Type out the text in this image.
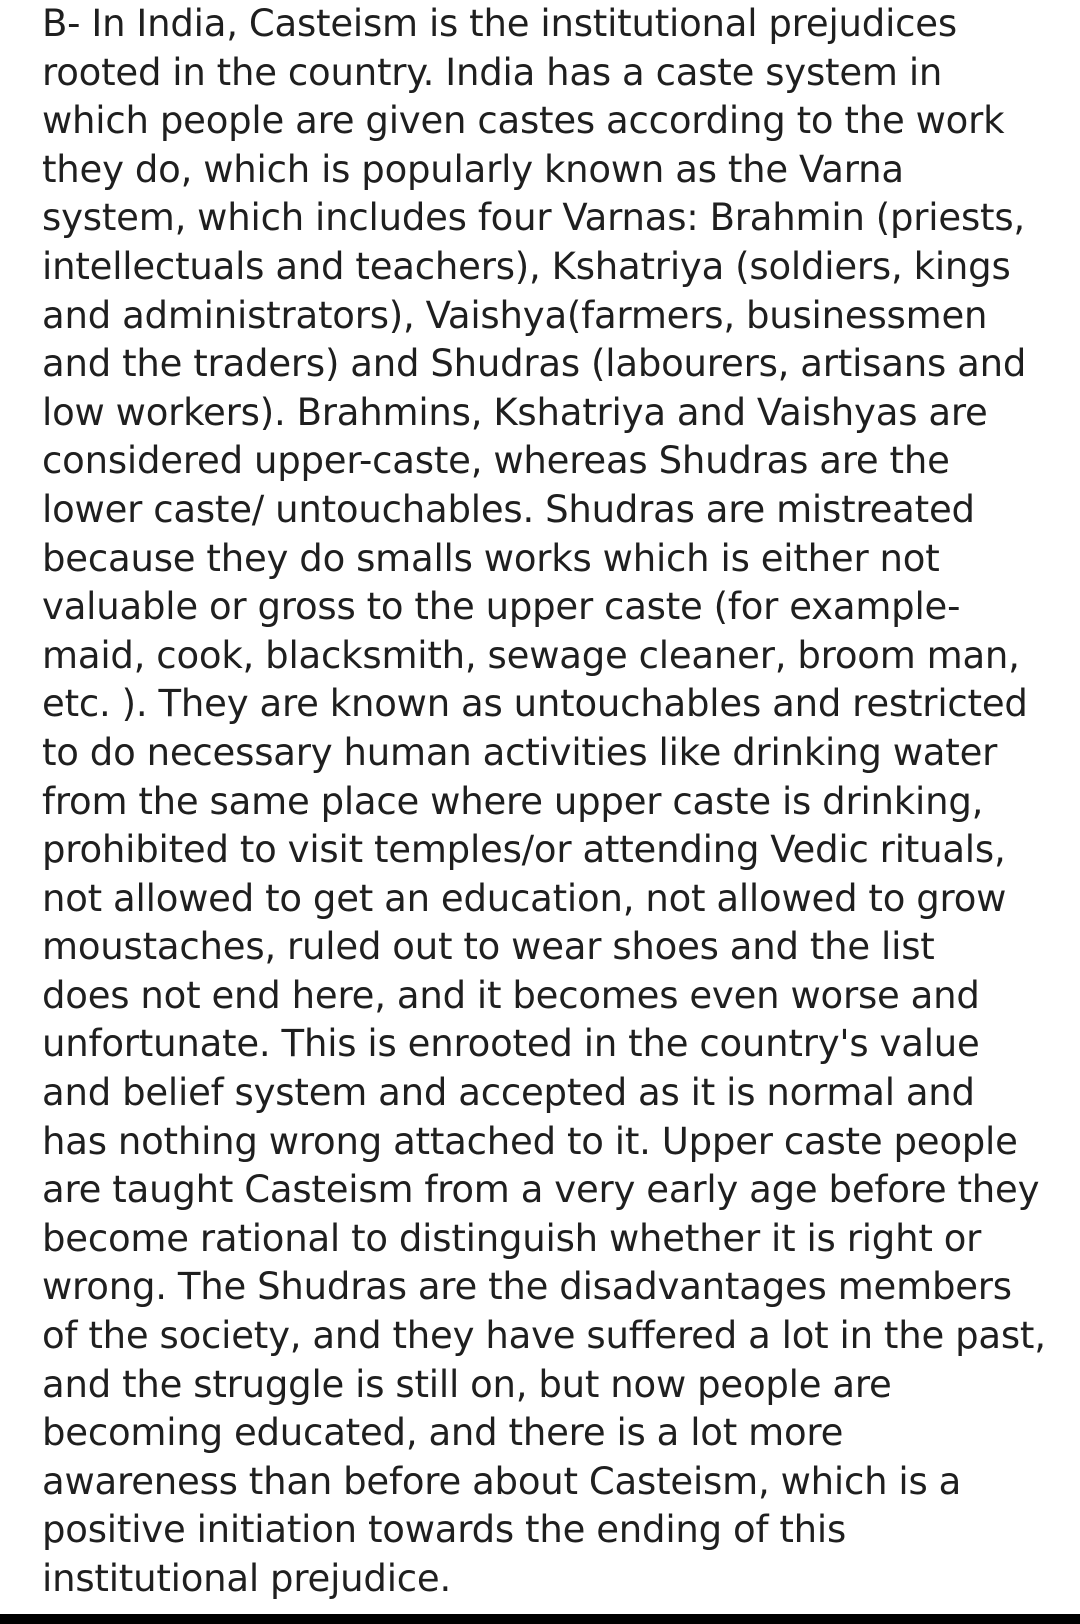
B- In India, Casteism is the institutional prejudices
rooted in the country. India has a caste system in
which people are given castes according to the work
they do, which is popularly known as the Varna
system, which includes four Varnas: Brahmin (priests,
intellectuals and teachers), Kshatriya (soldiers, kings
and administrators), Vaishya(farmers, businessmen
and the traders) and Shudras (labourers, artisans and
low workers). Brahmins, Kshatriya and Vaishyas are
considered upper-caste, whereas Shudras are the
lower caste/ untouchables. Shudras are mistreated
because they do smalls works which is either not
valuable or gross to the upper caste (for example-
maid, cook, blacksmith, sewage cleaner, broom man,
etc. ). They are known as untouchables and restricted
to do necessary human activities like drinking water
from the same place where upper caste is drinking,
prohibited to visit temples/or attending Vedic rituals,
not allowed to get an education, not allowed to grow
moustaches, ruled out to wear shoes and the list
does not end here, and it becomes even worse and
unfortunate. This is enrooted in the country's value
and belief system and accepted as it is normal and
has nothing wrong attached to it. Upper caste people
are taught Casteism from a very early age before they
become rational to distinguish whether it is right or
wrong. The Shudras are the disadvantages members
of the society, and they have suffered a lot in the past,
and the struggle is still on, but now people are
becoming educated, and there is a lot more
awareness than before about Casteism, which is a
positive initiation towards the ending of this
institutional prejudice.
